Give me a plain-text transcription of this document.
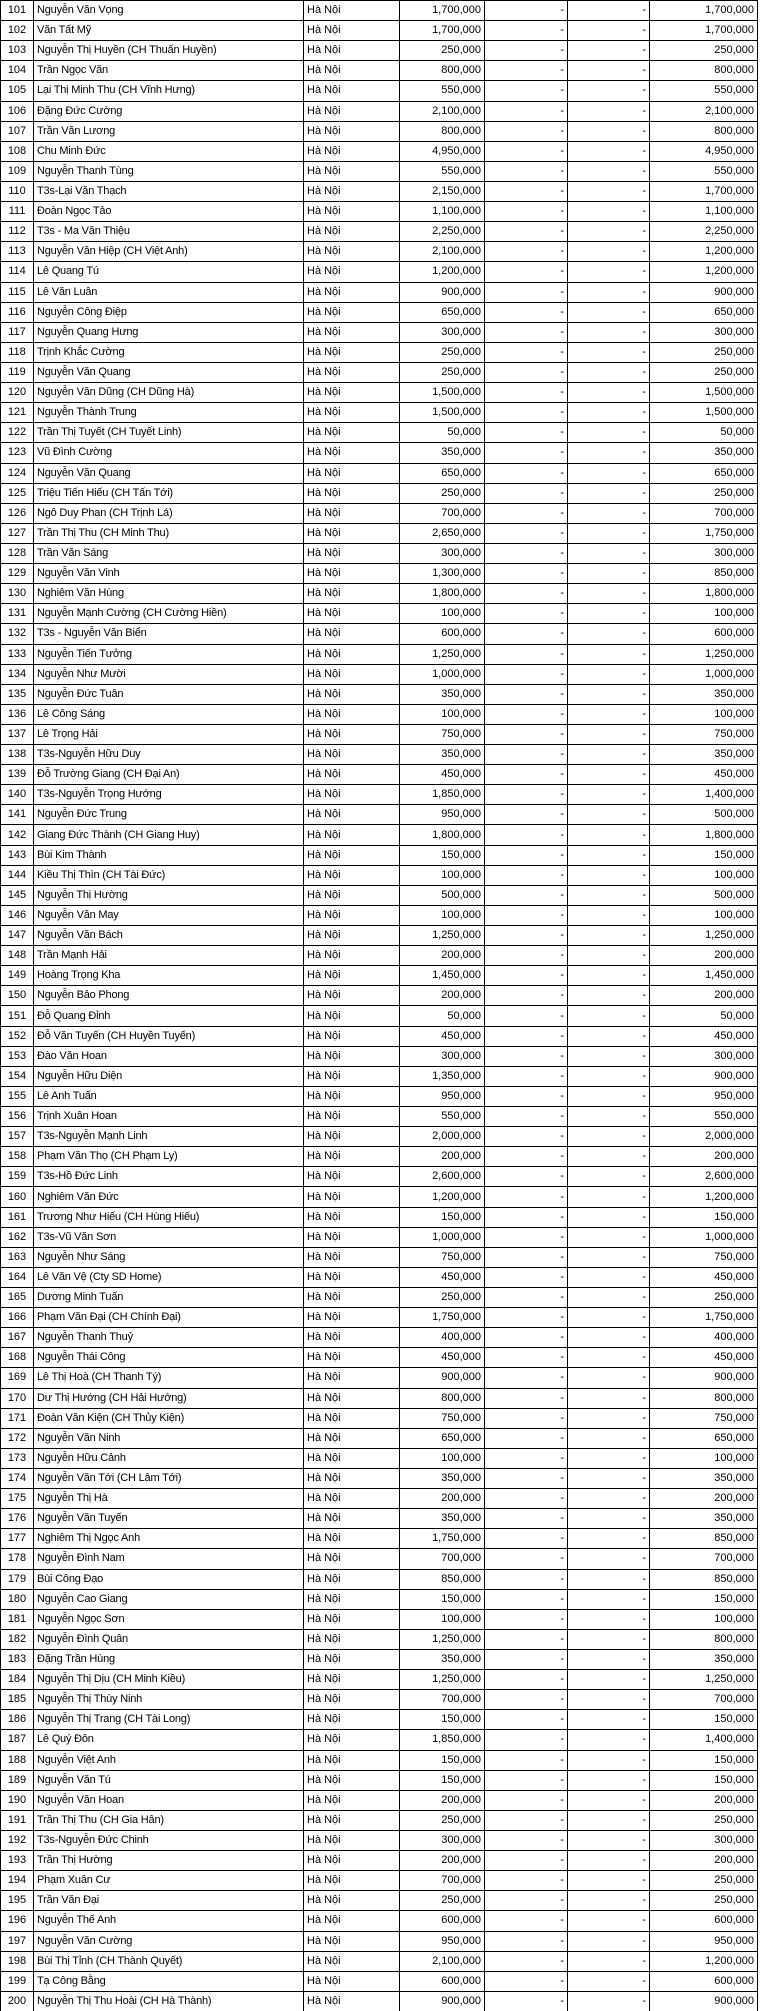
101	Nguyễn Văn Vọng	Hà Nội	1,700,000	-	-	1,700,000
102	Văn Tất Mỹ	Hà Nội	1,700,000	-	-	1,700,000
103	Nguyễn Thị Huyền (CH Thuấn Huyền)	Hà Nội	250,000	-	-	250,000
104	Trần Ngọc Văn	Hà Nội	800,000	-	-	800,000
105	Lại Thị Minh Thu (CH Vĩnh Hưng)	Hà Nội	550,000	-	-	550,000
106	Đặng Đức Cường	Hà Nội	2,100,000	-	-	2,100,000
107	Trần Văn Lương	Hà Nội	800,000	-	-	800,000
108	Chu Minh Đức	Hà Nội	4,950,000	-	-	4,950,000
109	Nguyễn Thanh Tùng	Hà Nội	550,000	-	-	550,000
110	T3s-Lại Văn Thạch	Hà Nội	2,150,000	-	-	1,700,000
111	Đoàn Ngọc Tảo	Hà Nội	1,100,000	-	-	1,100,000
112	T3s - Ma Văn Thiệu	Hà Nội	2,250,000	-	-	2,250,000
113	Nguyễn Văn Hiệp (CH Việt Anh)	Hà Nội	2,100,000	-	-	1,200,000
114	Lê Quang Tú	Hà Nội	1,200,000	-	-	1,200,000
115	Lê Văn Luân	Hà Nội	900,000	-	-	900,000
116	Nguyễn Công Điệp	Hà Nội	650,000	-	-	650,000
117	Nguyễn Quang Hưng	Hà Nội	300,000	-	-	300,000
118	Trịnh Khắc Cường	Hà Nội	250,000	-	-	250,000
119	Nguyễn Văn Quang	Hà Nội	250,000	-	-	250,000
120	Nguyễn Văn Dũng (CH Dũng Hà)	Hà Nội	1,500,000	-	-	1,500,000
121	Nguyễn Thành Trung	Hà Nội	1,500,000	-	-	1,500,000
122	Trần Thị Tuyết (CH Tuyết Linh)	Hà Nội	50,000	-	-	50,000
123	Vũ Đình Cường	Hà Nội	350,000	-	-	350,000
124	Nguyễn Văn Quang	Hà Nội	650,000	-	-	650,000
125	Triệu Tiến Hiếu (CH Tấn Tới)	Hà Nội	250,000	-	-	250,000
126	Ngô Duy Phan (CH Trịnh Lá)	Hà Nội	700,000	-	-	700,000
127	Trần Thị Thu (CH Minh Thu)	Hà Nội	2,650,000	-	-	1,750,000
128	Trần Văn Sáng	Hà Nội	300,000	-	-	300,000
129	Nguyễn Văn Vinh	Hà Nội	1,300,000	-	-	850,000
130	Nghiêm Văn Hùng	Hà Nội	1,800,000	-	-	1,800,000
131	Nguyễn Mạnh Cường (CH Cường Hiền)	Hà Nội	100,000	-	-	100,000
132	T3s - Nguyễn Văn Biển	Hà Nội	600,000	-	-	600,000
133	Nguyễn Tiến Tưởng	Hà Nội	1,250,000	-	-	1,250,000
134	Nguyễn Như Mười	Hà Nội	1,000,000	-	-	1,000,000
135	Nguyễn Đức Tuân	Hà Nội	350,000	-	-	350,000
136	Lê Công Sáng	Hà Nội	100,000	-	-	100,000
137	Lê Trọng Hải	Hà Nội	750,000	-	-	750,000
138	T3s-Nguyễn Hữu Duy	Hà Nội	350,000	-	-	350,000
139	Đỗ Trường Giang (CH Đại An)	Hà Nội	450,000	-	-	450,000
140	T3s-Nguyễn Trọng Hướng	Hà Nội	1,850,000	-	-	1,400,000
141	Nguyễn Đức Trung	Hà Nội	950,000	-	-	500,000
142	Giang Đức Thành (CH Giang Huy)	Hà Nội	1,800,000	-	-	1,800,000
143	Bùi Kim Thành	Hà Nội	150,000	-	-	150,000
144	Kiều Thị Thìn (CH Tài Đức)	Hà Nội	100,000	-	-	100,000
145	Nguyễn Thị Hường	Hà Nội	500,000	-	-	500,000
146	Nguyễn Văn May	Hà Nội	100,000	-	-	100,000
147	Nguyễn Văn Bách	Hà Nội	1,250,000	-	-	1,250,000
148	Trần Mạnh Hải	Hà Nội	200,000	-	-	200,000
149	Hoàng Trọng Kha	Hà Nội	1,450,000	-	-	1,450,000
150	Nguyễn Bảo Phong	Hà Nội	200,000	-	-	200,000
151	Đỗ Quang Đỉnh	Hà Nội	50,000	-	-	50,000
152	Đỗ Văn Tuyến (CH Huyền Tuyến)	Hà Nội	450,000	-	-	450,000
153	Đào Văn Hoan	Hà Nội	300,000	-	-	300,000
154	Nguyễn Hữu Diện	Hà Nội	1,350,000	-	-	900,000
155	Lê Anh Tuấn	Hà Nội	950,000	-	-	950,000
156	Trịnh Xuân Hoan	Hà Nội	550,000	-	-	550,000
157	T3s-Nguyễn Mạnh Linh	Hà Nội	2,000,000	-	-	2,000,000
158	Phạm Văn Thọ (CH Phạm Ly)	Hà Nội	200,000	-	-	200,000
159	T3s-Hồ Đức Linh	Hà Nội	2,600,000	-	-	2,600,000
160	Nghiêm Văn Đức	Hà Nội	1,200,000	-	-	1,200,000
161	Trương Như Hiếu (CH Hùng Hiếu)	Hà Nội	150,000	-	-	150,000
162	T3s-Vũ Văn Sơn	Hà Nội	1,000,000	-	-	1,000,000
163	Nguyễn Như Sáng	Hà Nội	750,000	-	-	750,000
164	Lê Văn Vệ (Cty SD Home)	Hà Nội	450,000	-	-	450,000
165	Dương Minh Tuấn	Hà Nội	250,000	-	-	250,000
166	Phạm Văn Đại (CH Chính Đại)	Hà Nội	1,750,000	-	-	1,750,000
167	Nguyễn Thanh Thuỷ	Hà Nội	400,000	-	-	400,000
168	Nguyễn Thái Công	Hà Nội	450,000	-	-	450,000
169	Lê Thị Hoà (CH Thanh Tý)	Hà Nội	900,000	-	-	900,000
170	Dư Thị Hướng (CH Hải Hướng)	Hà Nội	800,000	-	-	800,000
171	Đoàn Văn Kiện (CH Thủy Kiện)	Hà Nội	750,000	-	-	750,000
172	Nguyễn Văn Ninh	Hà Nội	650,000	-	-	650,000
173	Nguyễn Hữu Cảnh	Hà Nội	100,000	-	-	100,000
174	Nguyễn Văn Tới (CH Lâm Tới)	Hà Nội	350,000	-	-	350,000
175	Nguyễn Thị Hà	Hà Nội	200,000	-	-	200,000
176	Nguyễn Văn Tuyến	Hà Nội	350,000	-	-	350,000
177	Nghiêm Thị Ngọc Anh	Hà Nội	1,750,000	-	-	850,000
178	Nguyễn Đình Nam	Hà Nội	700,000	-	-	700,000
179	Bùi Công Đạo	Hà Nội	850,000	-	-	850,000
180	Nguyễn Cao Giang	Hà Nội	150,000	-	-	150,000
181	Nguyễn Ngọc Sơn	Hà Nội	100,000	-	-	100,000
182	Nguyễn Đình Quân	Hà Nội	1,250,000	-	-	800,000
183	Đặng Trần Hùng	Hà Nội	350,000	-	-	350,000
184	Nguyễn Thị Dịu (CH Minh Kiều)	Hà Nội	1,250,000	-	-	1,250,000
185	Nguyễn Thị Thùy Ninh	Hà Nội	700,000	-	-	700,000
186	Nguyễn Thị Trang (CH Tài Long)	Hà Nội	150,000	-	-	150,000
187	Lê Quý Đôn	Hà Nội	1,850,000	-	-	1,400,000
188	Nguyễn Việt Anh	Hà Nội	150,000	-	-	150,000
189	Nguyễn Văn Tú	Hà Nội	150,000	-	-	150,000
190	Nguyễn Văn Hoan	Hà Nội	200,000	-	-	200,000
191	Trần Thị Thu (CH Gia Hân)	Hà Nội	250,000	-	-	250,000
192	T3s-Nguyễn Đức Chinh	Hà Nội	300,000	-	-	300,000
193	Trần Thị Hường	Hà Nội	200,000	-	-	200,000
194	Phạm Xuân Cư	Hà Nội	700,000	-	-	250,000
195	Trần Văn Đại	Hà Nội	250,000	-	-	250,000
196	Nguyễn Thế Anh	Hà Nội	600,000	-	-	600,000
197	Nguyễn Văn Cường	Hà Nội	950,000	-	-	950,000
198	Bùi Thị Tỉnh (CH Thành Quyết)	Hà Nội	2,100,000	-	-	1,200,000
199	Tạ Công Bằng	Hà Nội	600,000	-	-	600,000
200	Nguyễn Thị Thu Hoài (CH Hà Thành)	Hà Nội	900,000	-	-	900,000
